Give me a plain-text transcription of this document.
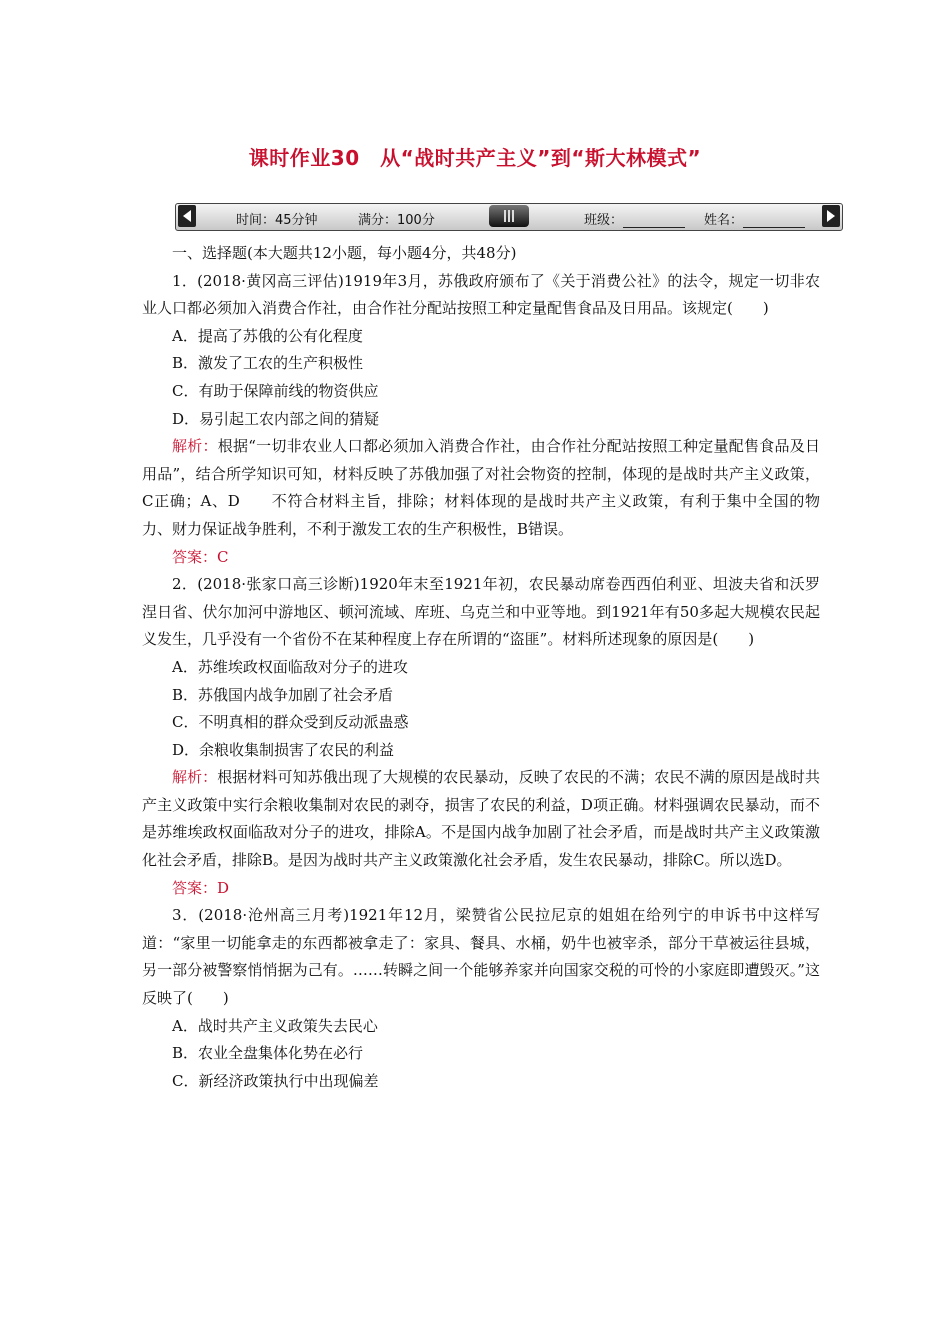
课时作业30　从“战时共产主义”到“斯大林模式”
时间：45分钟	满分：100分	班级：	姓名：

一、选择题(本大题共12小题，每小题4分，共48分)

1．(2018·黄冈高三评估)1919年3月，苏俄政府颁布了《关于消费公社》的法令，规定一切非农业人口都必须加入消费合作社，由合作社分配站按照工种定量配售食品及日用品。该规定(　　)

A．提高了苏俄的公有化程度

B．激发了工农的生产积极性

C．有助于保障前线的物资供应

D．易引起工农内部之间的猜疑

解析：根据“一切非农业人口都必须加入消费合作社，由合作社分配站按照工种定量配售食品及日用品”，结合所学知识可知，材料反映了苏俄加强了对社会物资的控制，体现的是战时共产主义政策，C正确；A、D　　不符合材料主旨，排除；材料体现的是战时共产主义政策，有利于集中全国的物力、财力保证战争胜利，不利于激发工农的生产积极性，B错误。

答案：C

2．(2018·张家口高三诊断)1920年末至1921年初，农民暴动席卷西西伯利亚、坦波夫省和沃罗涅日省、伏尔加河中游地区、顿河流域、库班、乌克兰和中亚等地。到1921年有50多起大规模农民起义发生，几乎没有一个省份不在某种程度上存在所谓的“盗匪”。材料所述现象的原因是(　　)

A．苏维埃政权面临敌对分子的进攻

B．苏俄国内战争加剧了社会矛盾

C．不明真相的群众受到反动派蛊惑

D．余粮收集制损害了农民的利益

解析：根据材料可知苏俄出现了大规模的农民暴动，反映了农民的不满；农民不满的原因是战时共产主义政策中实行余粮收集制对农民的剥夺，损害了农民的利益，D项正确。材料强调农民暴动，而不是苏维埃政权面临敌对分子的进攻，排除A。不是国内战争加剧了社会矛盾，而是战时共产主义政策激化社会矛盾，排除B。是因为战时共产主义政策激化社会矛盾，发生农民暴动，排除C。所以选D。

答案：D

3．(2018·沧州高三月考)1921年12月，梁赞省公民拉尼京的姐姐在给列宁的申诉书中这样写道：“家里一切能拿走的东西都被拿走了：家具、餐具、水桶，奶牛也被宰杀，部分干草被运往县城，另一部分被警察悄悄据为己有。……转瞬之间一个能够养家并向国家交税的可怜的小家庭即遭毁灭。”这反映了(　　)

A．战时共产主义政策失去民心

B．农业全盘集体化势在必行

C．新经济政策执行中出现偏差
